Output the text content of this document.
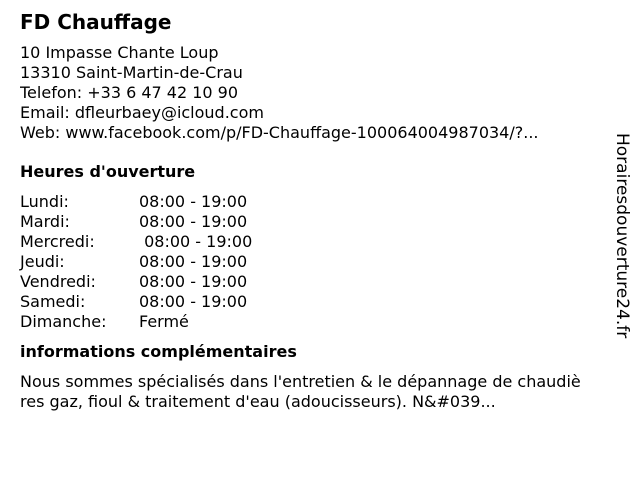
FD Chauffage
10 Impasse Chante Loup
13310 Saint-Martin-de-Crau
Telefon: +33 6 47 42 10 90
Email: dfleurbaey@icloud.com
Web: www.facebook.com/p/FD-Chauffage-100064004987034/?...
Heures d'ouverture
Lundi:	08:00 - 19:00
Mardi:	08:00 - 19:00
Mercredi:	08:00 - 19:00
Jeudi:	08:00 - 19:00
Vendredi:	08:00 - 19:00
Samedi:	08:00 - 19:00
Dimanche:	Fermé
informations complémentaires
Nous sommes spécialisés dans l'entretien & le dépannage de chaudières gaz, fioul & traitement d'eau (adoucisseurs). N&#039...
Horairesdouverture24.fr
